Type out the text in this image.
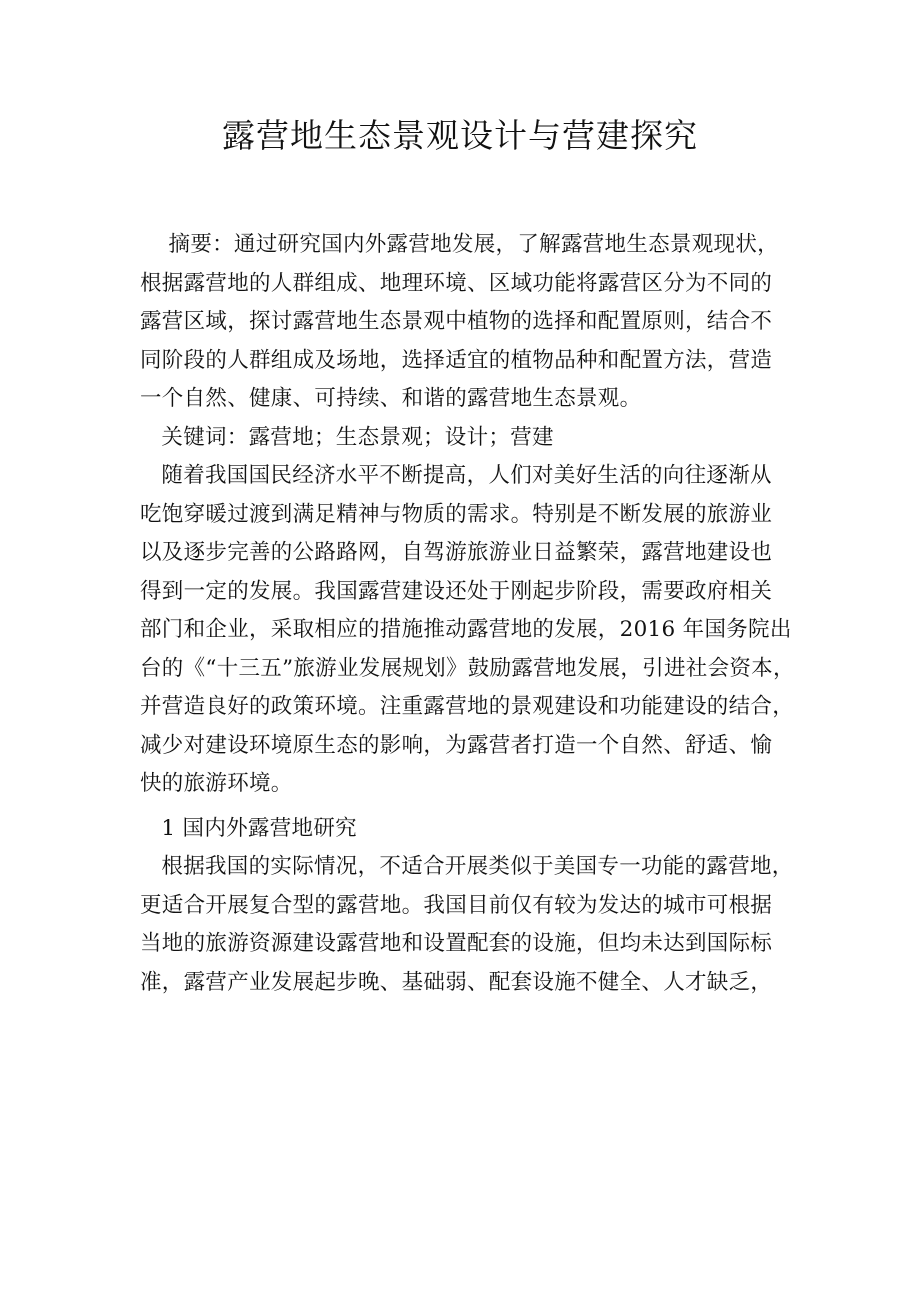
露营地生态景观设计与营建探究
摘要：通过研究国内外露营地发展，了解露营地生态景观现状，
根据露营地的人群组成、地理环境、区域功能将露营区分为不同的
露营区域，探讨露营地生态景观中植物的选择和配置原则，结合不
同阶段的人群组成及场地，选择适宜的植物品种和配置方法，营造
一个自然、健康、可持续、和谐的露营地生态景观。
关键词：露营地；生态景观；设计；营建
随着我国国民经济水平不断提高，人们对美好生活的向往逐渐从
吃饱穿暖过渡到满足精神与物质的需求。特别是不断发展的旅游业
以及逐步完善的公路路网，自驾游旅游业日益繁荣，露营地建设也
得到一定的发展。我国露营建设还处于刚起步阶段，需要政府相关
部门和企业，采取相应的措施推动露营地的发展，2016 年国务院出
台的《“十三五”旅游业发展规划》鼓励露营地发展，引进社会资本，
并营造良好的政策环境。注重露营地的景观建设和功能建设的结合，
减少对建设环境原生态的影响，为露营者打造一个自然、舒适、愉
快的旅游环境。
1 国内外露营地研究
根据我国的实际情况，不适合开展类似于美国专一功能的露营地，
更适合开展复合型的露营地。我国目前仅有较为发达的城市可根据
当地的旅游资源建设露营地和设置配套的设施，但均未达到国际标
准，露营产业发展起步晚、基础弱、配套设施不健全、人才缺乏，
